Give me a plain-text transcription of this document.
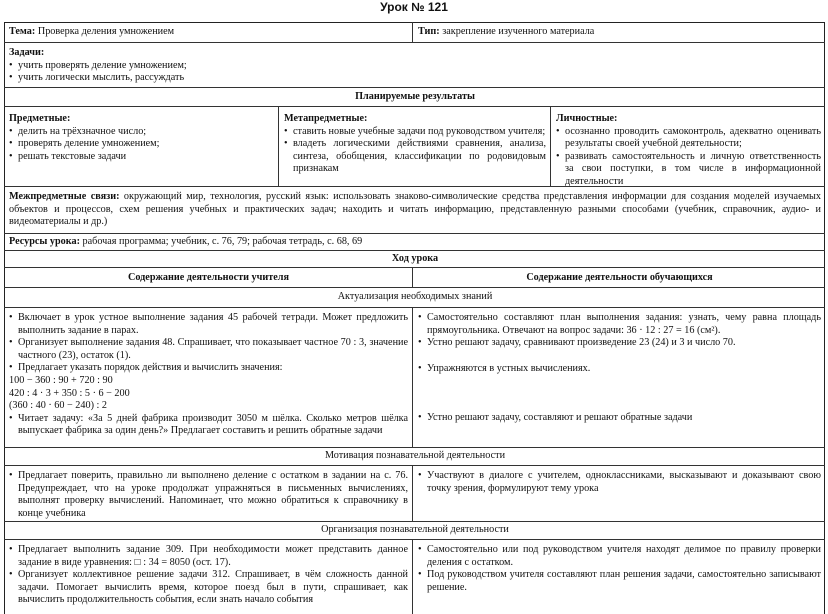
Урок № 121
Тема: Проверка деления умножением	Тип: закрепление изученного материала
Задачи:
• учить проверять деление умножением;
• учить логически мыслить, рассуждать
Планируемые результаты
Предметные:
• делить на трёхзначное число;
• проверять деление умножением;
• решать текстовые задачи
Метапредметные:
• ставить новые учебные задачи под руководством учителя;
• владеть логическими действиями сравнения, анализа, синтеза, обобщения, классификации по родовидовым признакам
Личностные:
• осознанно проводить самоконтроль, адекватно оценивать результаты своей учебной деятельности;
• развивать самостоятельность и личную ответственность за свои поступки, в том числе в информационной деятельности
Межпредметные связи: окружающий мир, технология, русский язык: использовать знаково-символические средства представления информации для создания моделей изучаемых объектов и процессов, схем решения учебных и практических задач; находить и читать информацию, представленную разными способами (учебник, справочник, аудио- и видеоматериалы и др.)
Ресурсы урока: рабочая программа; учебник, с. 76, 79; рабочая тетрадь, с. 68, 69
Ход урока
Содержание деятельности учителя	Содержание деятельности обучающихся
Актуализация необходимых знаний
• Включает в урок устное выполнение задания 45 рабочей тетради. Может предложить выполнить задание в парах.
• Организует выполнение задания 48. Спрашивает, что показывает частное 70 : 3, значение частного (23), остаток (1).
• Предлагает указать порядок действия и вычислить значения:
100 − 360 : 90 + 720 : 90
420 : 4 · 3 + 350 : 5 · 6 − 200
(360 : 40 · 60 − 240) : 2
• Читает задачу: «За 5 дней фабрика производит 3050 м шёлка. Сколько метров шёлка выпускает фабрика за один день?» Предлагает составить и решить обратные задачи
• Самостоятельно составляют план выполнения задания: узнать, чему равна площадь прямоугольника. Отвечают на вопрос задачи: 36 · 12 : 27 = 16 (см²).
• Устно решают задачу, сравнивают произведение 23 (24) и 3 и число 70.
• Упражняются в устных вычислениях.
• Устно решают задачу, составляют и решают обратные задачи
Мотивация познавательной деятельности
• Предлагает поверить, правильно ли выполнено деление с остатком в задании на с. 76. Предупреждает, что на уроке продолжат упражняться в письменных вычислениях, выполнят проверку вычислений. Напоминает, что можно обратиться к справочнику в конце учебника
• Участвуют в диалоге с учителем, одноклассниками, высказывают и доказывают свою точку зрения, формулируют тему урока
Организация познавательной деятельности
• Предлагает выполнить задание 309. При необходимости может представить данное задание в виде уравнения: □ : 34 = 8050 (ост. 17).
• Организует коллективное решение задачи 312. Спрашивает, в чём сложность данной задачи. Помогает вычислить время, которое поезд был в пути, спрашивает, как вычислить продолжительность события, если знать начало события
• Самостоятельно или под руководством учителя находят делимое по правилу проверки деления с остатком.
• Под руководством учителя составляют план решения задачи, самостоятельно записывают решение.
